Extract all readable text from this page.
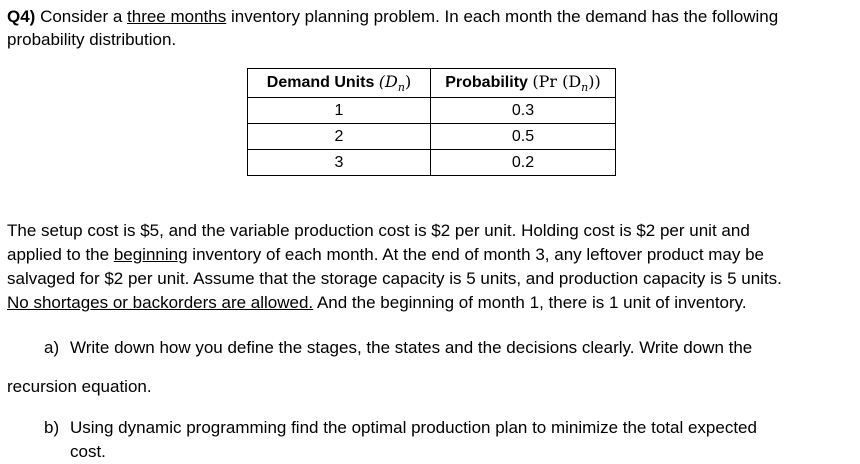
Q4) Consider a three months inventory planning problem. In each month the demand has the following
probability distribution.
Demand Units $(D_n)$	Probability (Pr $(D_n)$)
1	0.3
2	0.5
3	0.2
The setup cost is $5, and the variable production cost is $2 per unit. Holding cost is $2 per unit and
applied to the beginning inventory of each month. At the end of month 3, any leftover product may be
salvaged for $2 per unit. Assume that the storage capacity is 5 units, and production capacity is 5 units.
No shortages or backorders are allowed. And the beginning of month 1, there is 1 unit of inventory.
a) Write down how you define the stages, the states and the decisions clearly. Write down the
recursion equation.
b) Using dynamic programming find the optimal production plan to minimize the total expected
cost.
